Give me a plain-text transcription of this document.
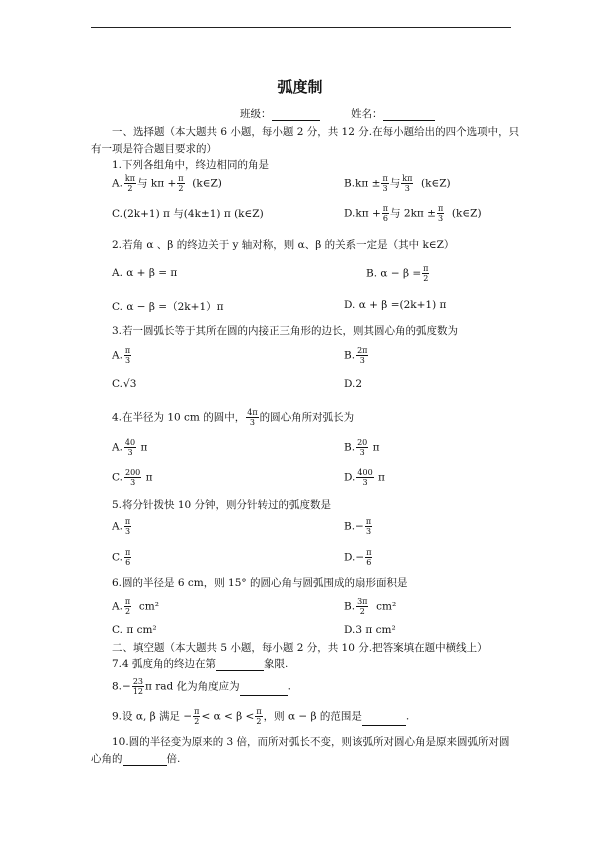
弧度制
班级：	姓名：
一、选择题（本大题共 6 小题，每小题 2 分，共 12 分.在每小题给出的四个选项中，只
有一项是符合题目要求的）
1.下列各组角中，终边相同的角是
A. $\frac{k\pi}{2}$ 与 $k\pi + \frac{\pi}{2}$ (k∈Z)	$B.k\pi \pm \frac{\pi}{3}$ 与 $\frac{k\pi}{3}$ (k∈Z)
C.(2k+1) π 与(4k±1) π (k∈Z)	$D.k\pi + \frac{\pi}{6}$ 与 $2k\pi \pm \frac{\pi}{3}$ (k∈Z)
2.若角 α 、β 的终边关于 y 轴对称，则 α、β 的关系一定是（其中 k∈Z）
A. α + β = π	B. $\alpha - \beta = \frac{\pi}{2}$
C. α − β =（2k+1）π	D. α + β =(2k+1) π
3.若一圆弧长等于其所在圆的内接正三角形的边长，则其圆心角的弧度数为
A. $\frac{\pi}{3}$	B. $\frac{2\pi}{3}$
C.√3	D.2
4.在半径为 10 cm 的圆中， $\frac{4\pi}{3}$ 的圆心角所对弧长为
A. $\frac{40}{3}$ π	B. $\frac{20}{3}$ π
C. $\frac{200}{3}$ π	D. $\frac{400}{3}$ π
5.将分针拨快 10 分钟，则分针转过的弧度数是
A. $\frac{\pi}{3}$	$B.- \frac{\pi}{3}$
C. $\frac{\pi}{6}$	$D.- \frac{\pi}{6}$
6.圆的半径是 6 cm，则 15° 的圆心角与圆弧围成的扇形面积是
A. $\frac{\pi}{2} cm^2$	B. $\frac{3\pi}{2} cm^2$
C. π cm²	D.3 π cm²
二、填空题（本大题共 5 小题，每小题 2 分，共 10 分.把答案填在题中横线上）
7.4 弧度角的终边在第	象限.
$8.- \frac{23}{12}$ π rad 化为角度应为	.
9.设 α, β 满足 − $\frac{\pi}{2} < \alpha < \beta < \frac{\pi}{2}$ ，则 α − β 的范围是	.
10.圆的半径变为原来的 3 倍，而所对弧长不变，则该弧所对圆心角是原来圆弧所对圆
心角的	倍.
